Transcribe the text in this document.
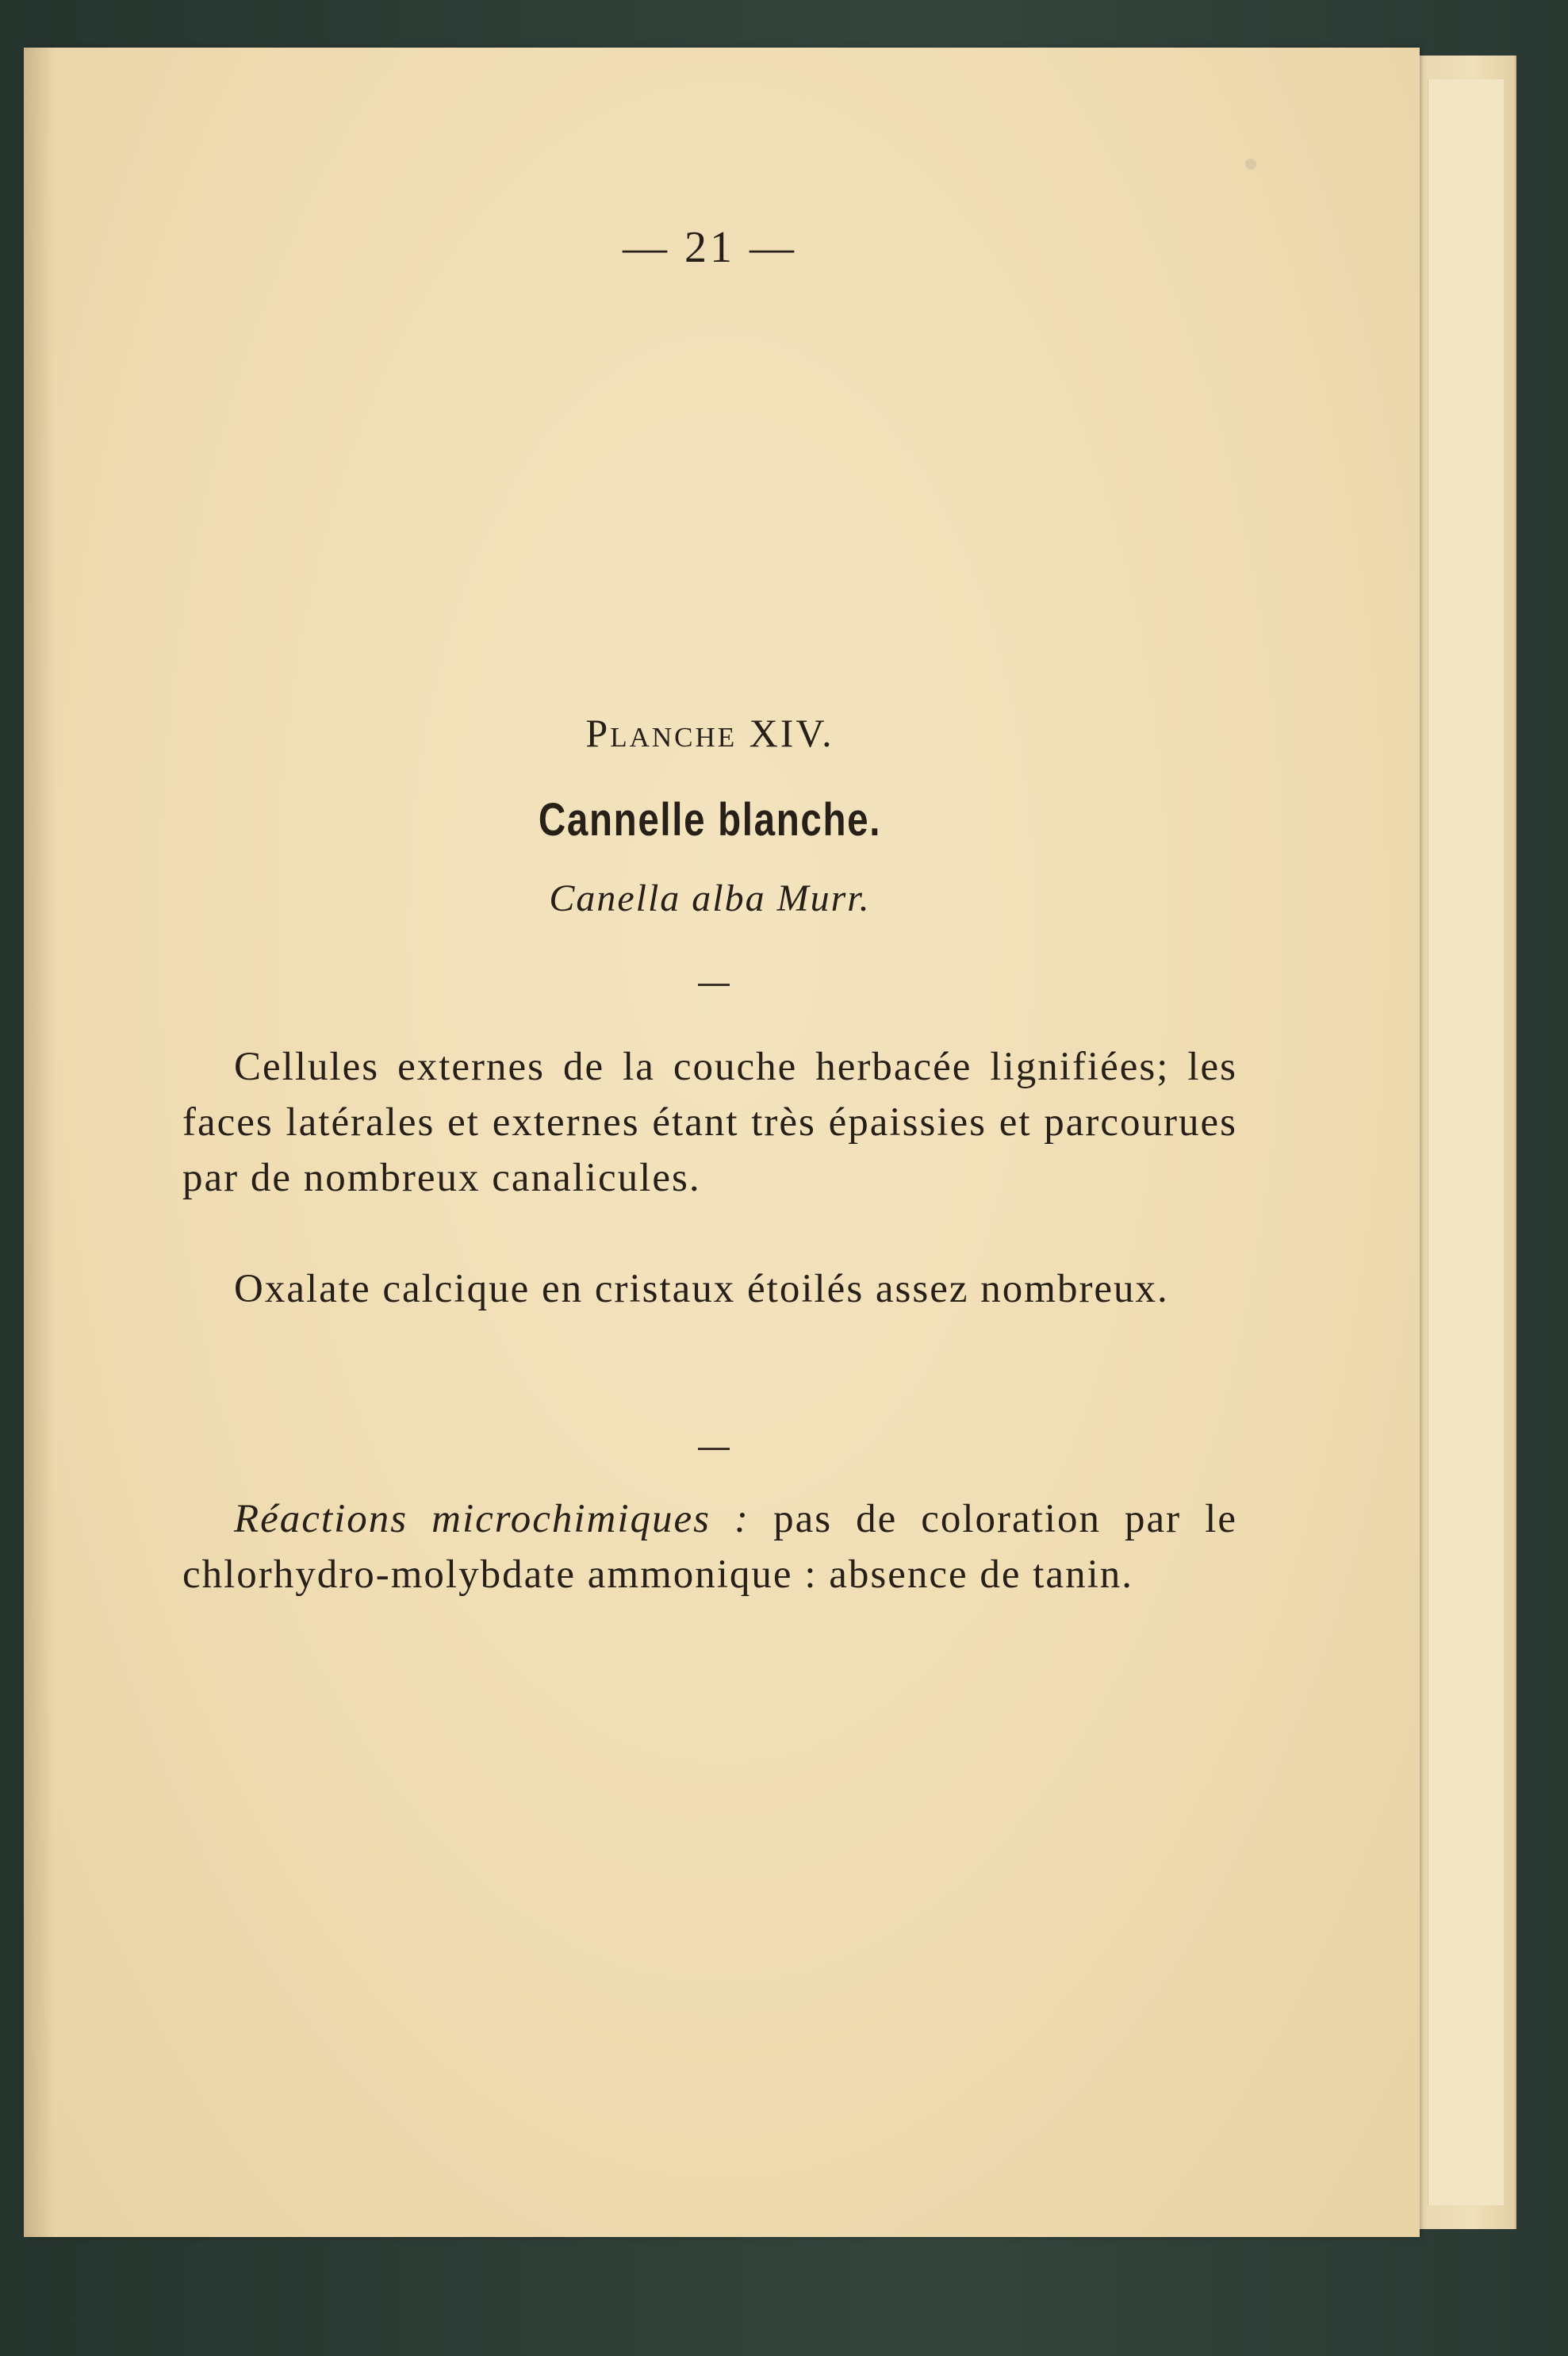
— 21 —
Planche XIV.
Cannelle blanche.
Canella alba Murr.

Cellules externes de la couche herbacée lignifiées; les faces latérales et externes étant très épaissies et parcourues par de nombreux canalicules.

Oxalate calcique en cristaux étoilés assez nombreux.

Réactions microchimiques : pas de coloration par le chlorhydro-molybdate ammonique : absence de tanin.
